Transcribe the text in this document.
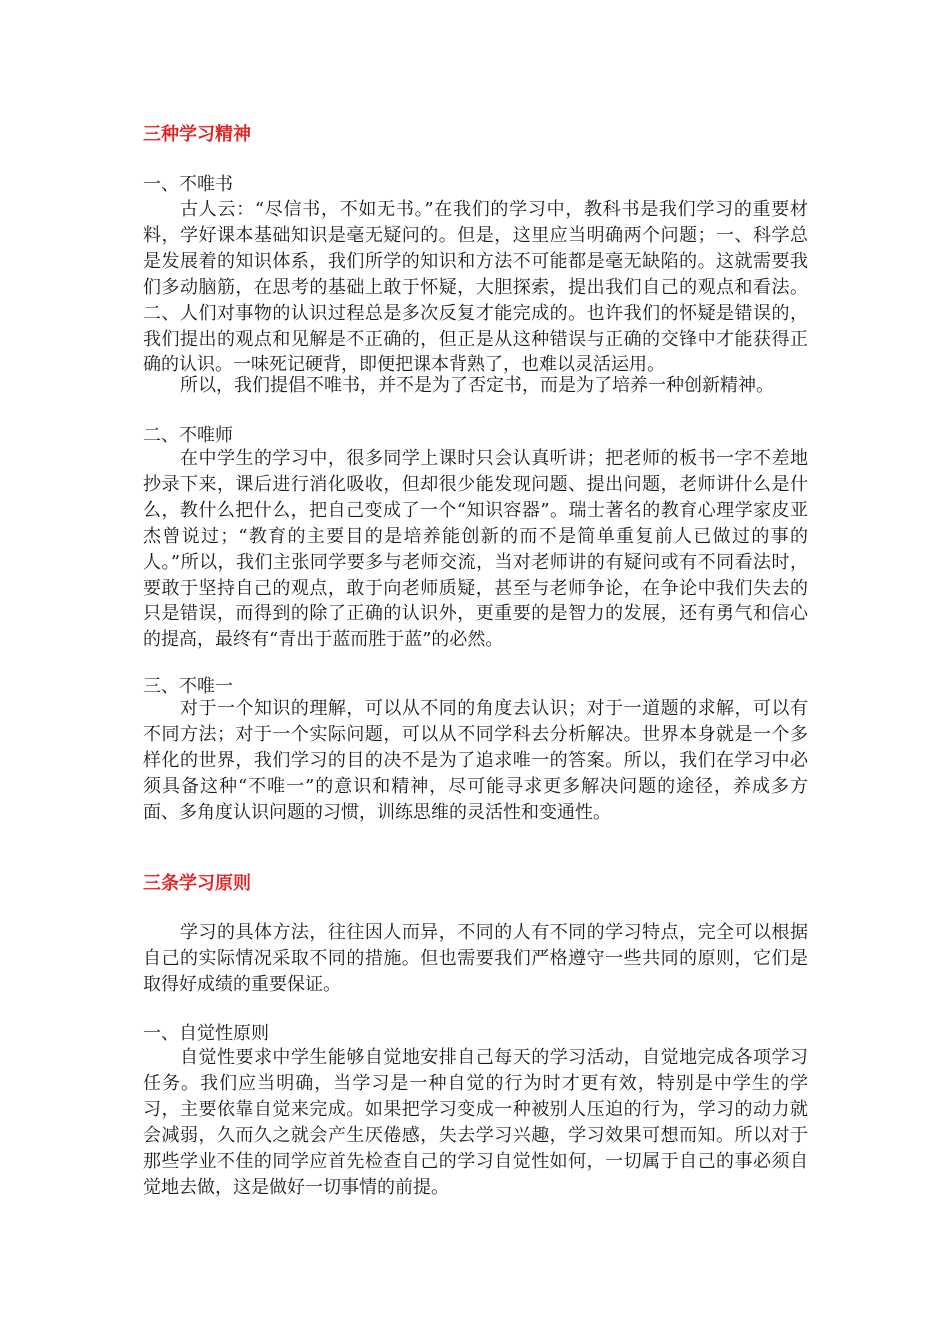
三种学习精神
一、不唯书

古人云：“尽信书，不如无书。”在我们的学习中，教科书是我们学习的重要材料，学好课本基础知识是毫无疑问的。但是，这里应当明确两个问题；一、科学总是发展着的知识体系，我们所学的知识和方法不可能都是毫无缺陷的。这就需要我们多动脑筋，在思考的基础上敢于怀疑，大胆探索，提出我们自己的观点和看法。二、人们对事物的认识过程总是多次反复才能完成的。也许我们的怀疑是错误的，我们提出的观点和见解是不正确的，但正是从这种错误与正确的交锋中才能获得正确的认识。一味死记硬背，即便把课本背熟了，也难以灵活运用。

所以，我们提倡不唯书，并不是为了否定书，而是为了培养一种创新精神。

二、不唯师

在中学生的学习中，很多同学上课时只会认真听讲；把老师的板书一字不差地抄录下来，课后进行消化吸收，但却很少能发现问题、提出问题，老师讲什么是什么，教什么把什么，把自己变成了一个“知识容器”。瑞士著名的教育心理学家皮亚杰曾说过；“教育的主要目的是培养能创新的而不是简单重复前人已做过的事的人。”所以，我们主张同学要多与老师交流，当对老师讲的有疑问或有不同看法时，要敢于坚持自己的观点，敢于向老师质疑，甚至与老师争论，在争论中我们失去的只是错误，而得到的除了正确的认识外，更重要的是智力的发展，还有勇气和信心的提高，最终有“青出于蓝而胜于蓝”的必然。

三、不唯一

对于一个知识的理解，可以从不同的角度去认识；对于一道题的求解，可以有不同方法；对于一个实际问题，可以从不同学科去分析解决。世界本身就是一个多样化的世界，我们学习的目的决不是为了追求唯一的答案。所以，我们在学习中必须具备这种“不唯一”的意识和精神，尽可能寻求更多解决问题的途径，养成多方面、多角度认识问题的习惯，训练思维的灵活性和变通性。

三条学习原则

学习的具体方法，往往因人而异，不同的人有不同的学习特点，完全可以根据自己的实际情况采取不同的措施。但也需要我们严格遵守一些共同的原则，它们是取得好成绩的重要保证。

一、自觉性原则

自觉性要求中学生能够自觉地安排自己每天的学习活动，自觉地完成各项学习任务。我们应当明确，当学习是一种自觉的行为时才更有效，特别是中学生的学习，主要依靠自觉来完成。如果把学习变成一种被别人压迫的行为，学习的动力就会减弱，久而久之就会产生厌倦感，失去学习兴趣，学习效果可想而知。所以对于那些学业不佳的同学应首先检查自己的学习自觉性如何，一切属于自己的事必须自觉地去做，这是做好一切事情的前提。
